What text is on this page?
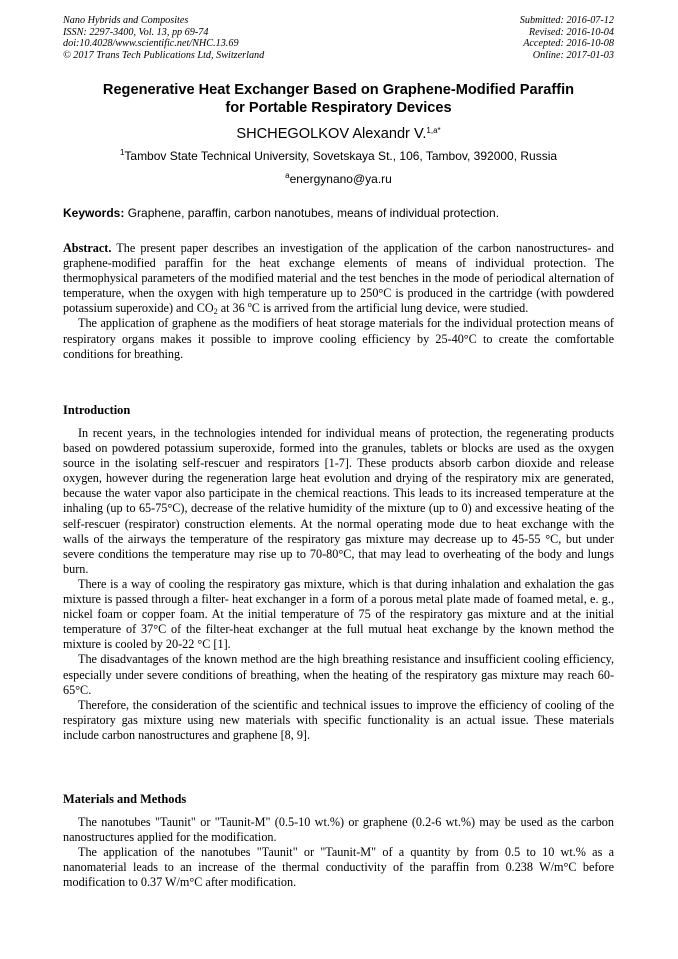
Nano Hybrids and Composites
ISSN: 2297-3400, Vol. 13, pp 69-74
doi:10.4028/www.scientific.net/NHC.13.69
© 2017 Trans Tech Publications Ltd, Switzerland
Submitted: 2016-07-12
Revised: 2016-10-04
Accepted: 2016-10-08
Online: 2017-01-03
Regenerative Heat Exchanger Based on Graphene-Modified Paraffin
for Portable Respiratory Devices
SHCHEGOLKOV Alexandr V.$^{1,a*}$
$^1$Tambov State Technical University, Sovetskaya St., 106, Tambov, 392000, Russia
$^a$energynano@ya.ru
Keywords: Graphene, paraffin, carbon nanotubes, means of individual protection.

Abstract. The present paper describes an investigation of the application of the carbon nanostructures- and graphene-modified paraffin for the heat exchange elements of means of individual protection. The thermophysical parameters of the modified material and the test benches in the mode of periodical alternation of temperature, when the oxygen with high temperature up to 250°C is produced in the cartridge (with powdered potassium superoxide) and $CO_2$ at 36 $^o$C is arrived from the artificial lung device, were studied.

The application of graphene as the modifiers of heat storage materials for the individual protection means of respiratory organs makes it possible to improve cooling efficiency by 25-40°C to create the comfortable conditions for breathing.

Introduction

In recent years, in the technologies intended for individual means of protection, the regenerating products based on powdered potassium superoxide, formed into the granules, tablets or blocks are used as the oxygen source in the isolating self-rescuer and respirators [1-7]. These products absorb carbon dioxide and release oxygen, however during the regeneration large heat evolution and drying of the respiratory mix are generated, because the water vapor also participate in the chemical reactions. This leads to its increased temperature at the inhaling (up to 65-75°C), decrease of the relative humidity of the mixture (up to 0) and excessive heating of the self-rescuer (respirator) construction elements. At the normal operating mode due to heat exchange with the walls of the airways the temperature of the respiratory gas mixture may decrease up to 45-55 °C, but under severe conditions the temperature may rise up to 70-80°C, that may lead to overheating of the body and lungs burn.

There is a way of cooling the respiratory gas mixture, which is that during inhalation and exhalation the gas mixture is passed through a filter- heat exchanger in a form of a porous metal plate made of foamed metal, e. g., nickel foam or copper foam. At the initial temperature of 75 of the respiratory gas mixture and at the initial temperature of 37°C of the filter-heat exchanger at the full mutual heat exchange by the known method the mixture is cooled by 20-22 °C [1].

The disadvantages of the known method are the high breathing resistance and insufficient cooling efficiency, especially under severe conditions of breathing, when the heating of the respiratory gas mixture may reach 60-65°C.

Therefore, the consideration of the scientific and technical issues to improve the efficiency of cooling of the respiratory gas mixture using new materials with specific functionality is an actual issue. These materials include carbon nanostructures and graphene [8, 9].

Materials and Methods

The nanotubes "Taunit" or "Taunit-M" (0.5-10 wt.%) or graphene (0.2-6 wt.%) may be used as the carbon nanostructures applied for the modification.

The application of the nanotubes "Taunit" or "Taunit-M" of a quantity by from 0.5 to 10 wt.% as a nanomaterial leads to an increase of the thermal conductivity of the paraffin from 0.238 W/m°C before modification to 0.37 W/m°C after modification.
